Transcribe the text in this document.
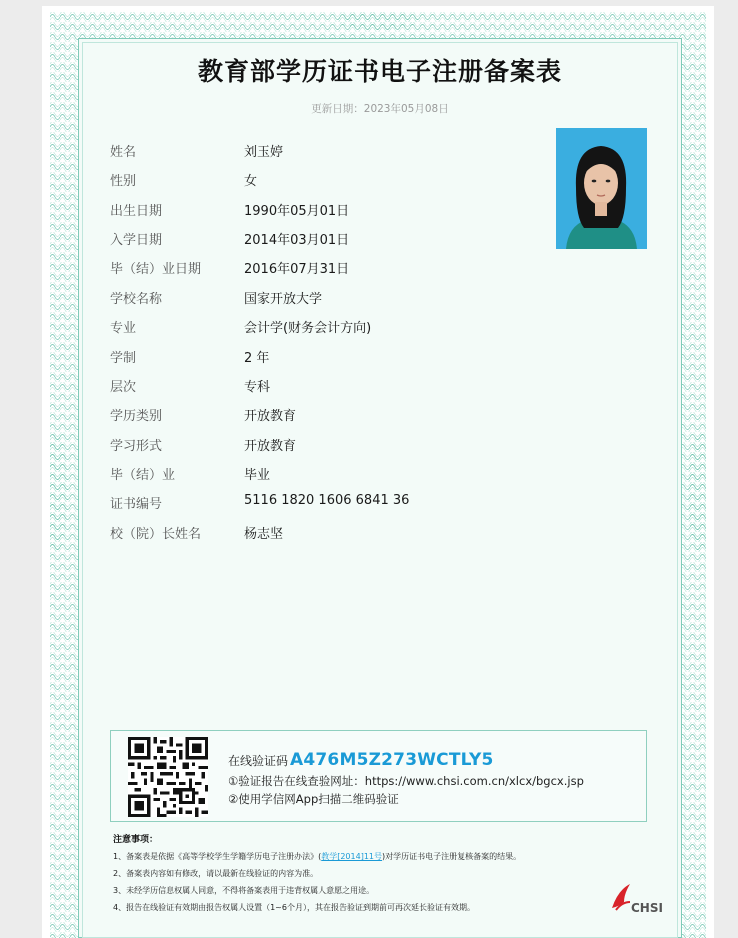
教育部学历证书电子注册备案表
更新日期：2023年05月08日
姓名	刘玉婷
性别	女
出生日期	1990年05月01日
入学日期	2014年03月01日
毕（结）业日期	2016年07月31日
学校名称	国家开放大学
专业	会计学(财务会计方向)
学制	2 年
层次	专科
学历类别	开放教育
学习形式	开放教育
毕（结）业	毕业
证书编号	5116 1820 1606 6841 36
校（院）长姓名	杨志坚
在线验证码 A476M5Z273WCTLY5
①验证报告在线查验网址：https://www.chsi.com.cn/xlcx/bgcx.jsp
②使用学信网App扫描二维码验证
注意事项：
1、备案表是依据《高等学校学生学籍学历电子注册办法》(教学[2014]11号)对学历证书电子注册复核备案的结果。
2、备案表内容如有修改，请以最新在线验证的内容为准。
3、未经学历信息权属人同意，不得将备案表用于违背权属人意愿之用途。
4、报告在线验证有效期由报告权属人设置（1~6个月），其在报告验证到期前可再次延长验证有效期。	CHSI
